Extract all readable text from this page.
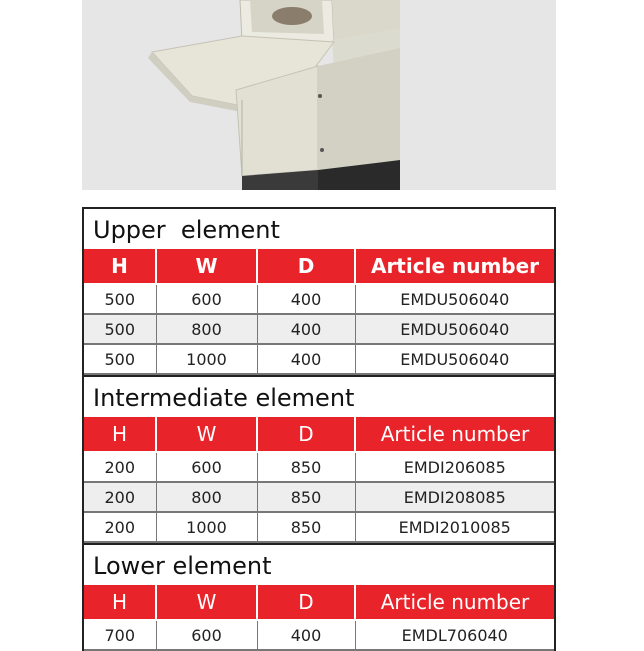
Upper  element
H	W	D	Article number
500	600	400	EMDU506040
500	800	400	EMDU506040
500	1000	400	EMDU506040
Intermediate element
H	W	D	Article number
200	600	850	EMDI206085
200	800	850	EMDI208085
200	1000	850	EMDI2010085
Lower element
H	W	D	Article number
700	600	400	EMDL706040
